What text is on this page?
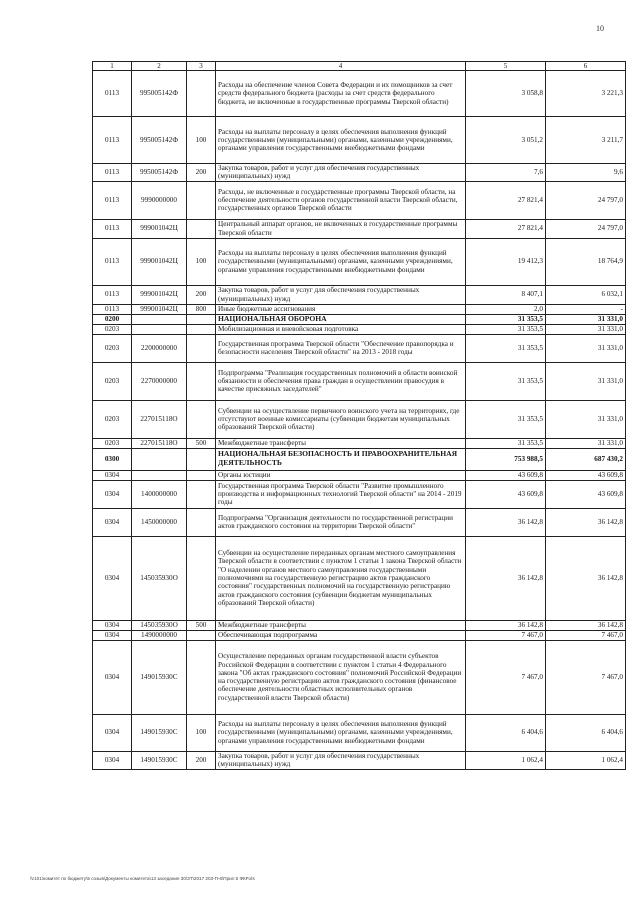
10
1	2	3	4	5	6
0113	995005142Ф		Расходы на обеспечение членов Совета Федерации и их помощников за счет средств федерального бюджета (расходы за счет средств федерального бюджета, не включенные в государственные программы Тверской области)	3 058,8	3 221,3
0113	995005142Ф	100	Расходы на выплаты персоналу в целях обеспечения выполнения функций государственными (муниципальными) органами, казенными учреждениями, органами управления государственными внебюджетными фондами	3 051,2	3 211,7
0113	995005142Ф	200	Закупка товаров, работ и услуг для обеспечения государственных (муниципальных) нужд	7,6	9,6
0113	9990000000		Расходы, не включенные в государственные программы Тверской области, на обеспечение деятельности органов государственной власти Тверской области, государственных органов Тверской области	27 821,4	24 797,0
0113	999001042Ц		Центральный аппарат органов, не включенных в государственные программы Тверской области	27 821,4	24 797,0
0113	999001042Ц	100	Расходы на выплаты персоналу в целях обеспечения выполнения функций государственными (муниципальными) органами, казенными учреждениями, органами управления государственными внебюджетными фондами	19 412,3	18 764,9
0113	999001042Ц	200	Закупка товаров, работ и услуг для обеспечения государственных (муниципальных) нужд	8 407,1	6 032,1
0113	999001042Ц	800	Иные бюджетные ассигнования	2,0	-
0200			НАЦИОНАЛЬНАЯ ОБОРОНА	31 353,5	31 331,0
0203			Мобилизационная и вневойсковая подготовка	31 353,5	31 331,0
0203	2200000000		Государственная программа Тверской области "Обеспечение правопорядка и безопасности населения Тверской области" на 2013 - 2018 годы	31 353,5	31 331,0
0203	2270000000		Подпрограмма "Реализация государственных полномочий в области воинской обязанности и обеспечения права граждан в осуществлении правосудия в качестве присяжных заседателей"	31 353,5	31 331,0
0203	227015118О		Субвенции на осуществление первичного воинского учета на территориях, где отсутствуют военные комиссариаты (субвенции бюджетам муниципальных образований Тверской области)	31 353,5	31 331,0
0203	227015118О	500	Межбюджетные трансферты	31 353,5	31 331,0
0300			НАЦИОНАЛЬНАЯ БЕЗОПАСНОСТЬ И ПРАВООХРАНИТЕЛЬНАЯ ДЕЯТЕЛЬНОСТЬ	753 988,5	687 430,2
0304			Органы юстиции	43 609,8	43 609,8
0304	1400000000		Государственная программа Тверской области "Развитие промышленного производства и информационных технологий Тверской области" на 2014 - 2019 годы	43 609,8	43 609,8
0304	1450000000		Подпрограмма "Организация деятельности по государственной регистрации актов гражданского состояния на территории Тверской области"	36 142,8	36 142,8
0304	145035930О		Субвенции на осуществление переданных органам местного самоуправления Тверской области в соответствии с пунктом 1 статьи 1 закона Тверской области "О наделении органов местного самоуправления государственными полномочиями на государственную регистрацию актов гражданского состояния" государственных полномочий на государственную регистрацию актов гражданского состояния (субвенции бюджетам муниципальных образований Тверской области)	36 142,8	36 142,8
0304	145035930О	500	Межбюджетные трансферты	36 142,8	36 142,8
0304	1490000000		Обеспечивающая подпрограмма	7 467,0	7 467,0
0304	149015930С		Осуществление переданных органам государственной власти субъектов Российской Федерации в соответствии с пунктом 1 статьи 4 Федерального закона "Об актах гражданского состояния" полномочий Российской Федерации на государственную регистрацию актов гражданского состояния (финансовое обеспечение деятельности областных исполнительных органов государственной власти Тверской области)	7 467,0	7 467,0
0304	149015930С	100	Расходы на выплаты персоналу в целях обеспечения выполнения функций государственными (муниципальными) органами, казенными учреждениями, органами управления государственными внебюджетными фондами	6 404,6	6 404,6
0304	149015930С	200	Закупка товаров, работ и услуг для обеспечения государственных (муниципальных) нужд	1 062,4	1 062,4
\\r101\комитет по бюджету\5 созыв\Документы комитета\13 заседание 30\ЗТ\2017 203-П-6\Прил 5 ФКР.xls
